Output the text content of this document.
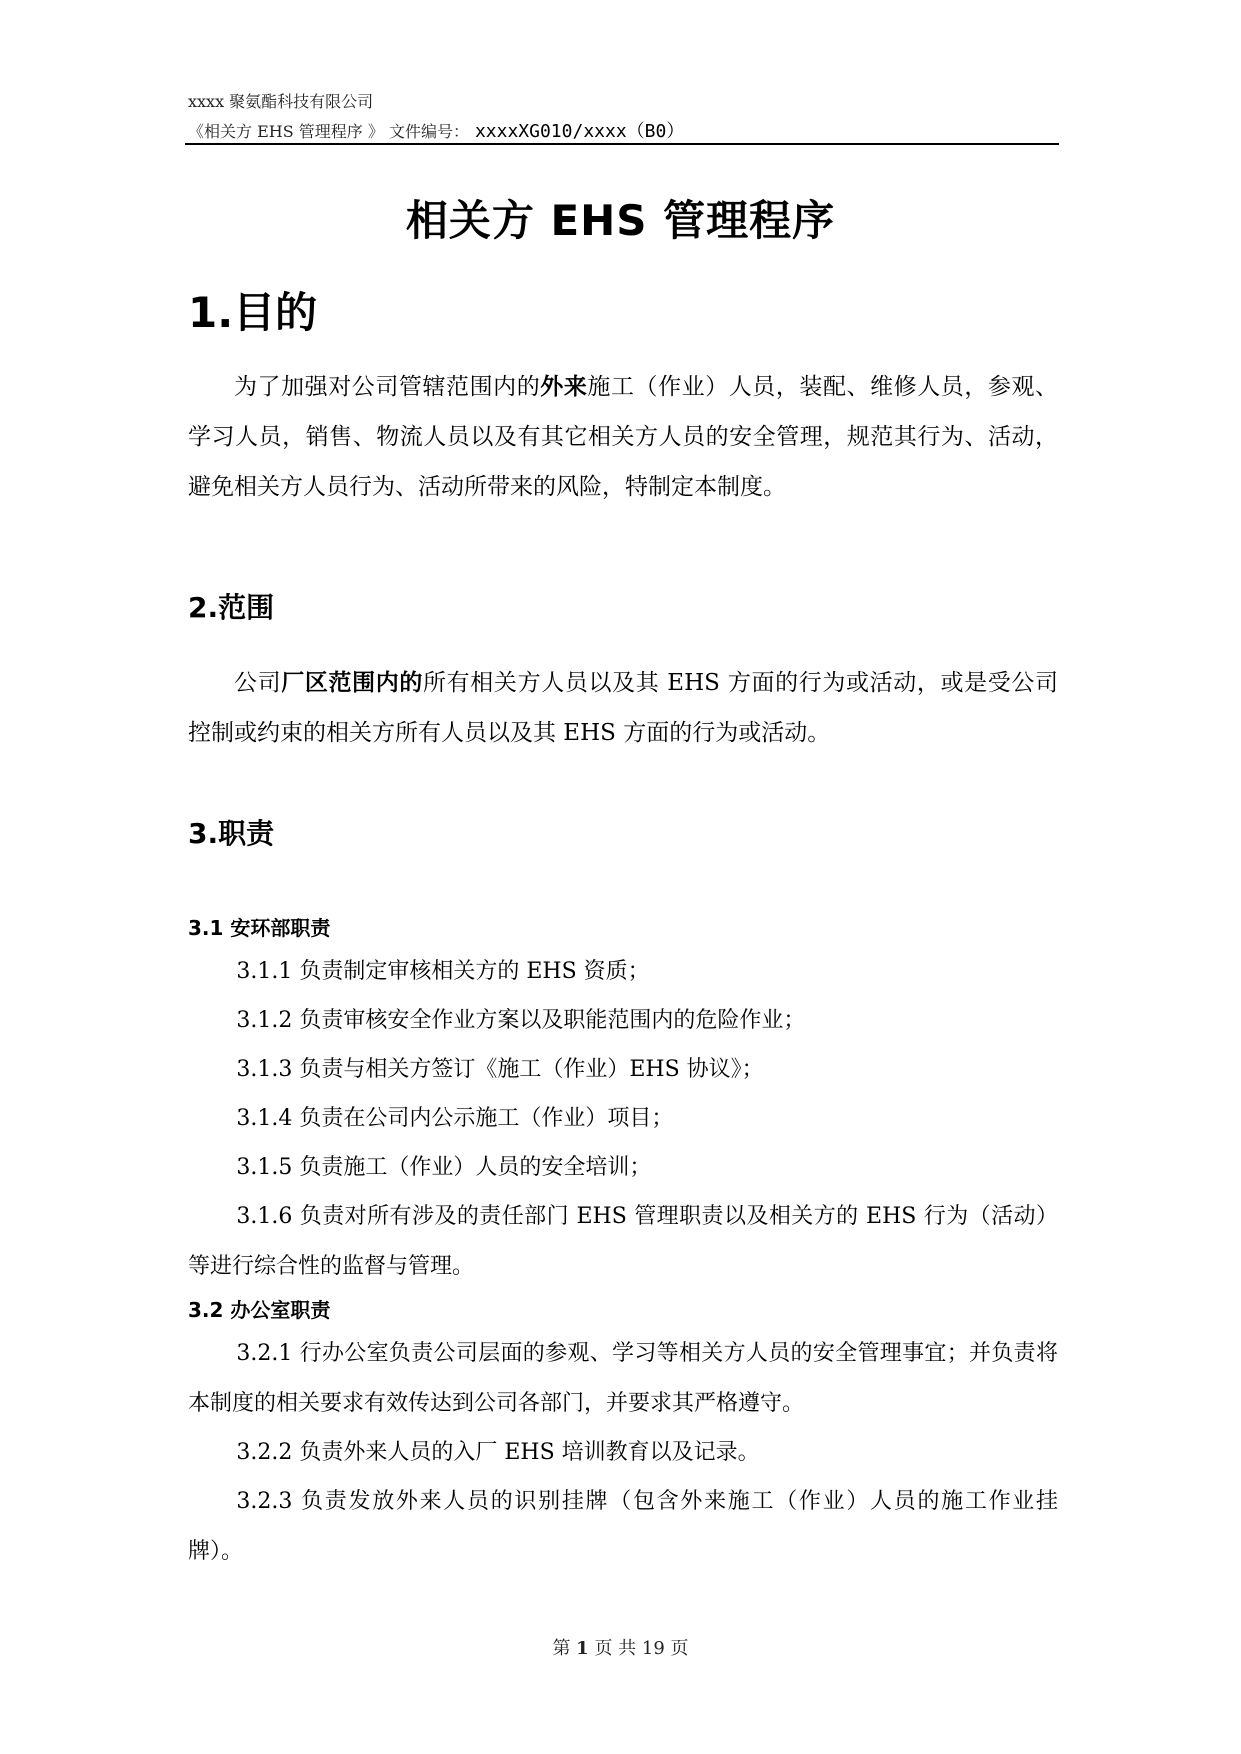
xxxx 聚氨酯科技有限公司
《相关方 EHS 管理程序 》 文件编号： xxxxXG010/xxxx（B0）
相关方 EHS 管理程序
1.目的
为了加强对公司管辖范围内的外来施工（作业）人员，装配、维修人员，参观、学习人员，销售、物流人员以及有其它相关方人员的安全管理，规范其行为、活动，避免相关方人员行为、活动所带来的风险，特制定本制度。
2.范围
公司厂区范围内的所有相关方人员以及其 EHS 方面的行为或活动，或是受公司控制或约束的相关方所有人员以及其 EHS 方面的行为或活动。
3.职责
3.1 安环部职责
3.1.1 负责制定审核相关方的 EHS 资质；
3.1.2 负责审核安全作业方案以及职能范围内的危险作业；
3.1.3 负责与相关方签订《施工（作业）EHS 协议》；
3.1.4 负责在公司内公示施工（作业）项目；
3.1.5 负责施工（作业）人员的安全培训；
3.1.6 负责对所有涉及的责任部门 EHS 管理职责以及相关方的 EHS 行为（活动）等进行综合性的监督与管理。
3.2 办公室职责
3.2.1 行办公室负责公司层面的参观、学习等相关方人员的安全管理事宜；并负责将本制度的相关要求有效传达到公司各部门，并要求其严格遵守。
3.2.2 负责外来人员的入厂 EHS 培训教育以及记录。
3.2.3 负责发放外来人员的识别挂牌（包含外来施工（作业）人员的施工作业挂牌）。
第 1 页 共 19 页
